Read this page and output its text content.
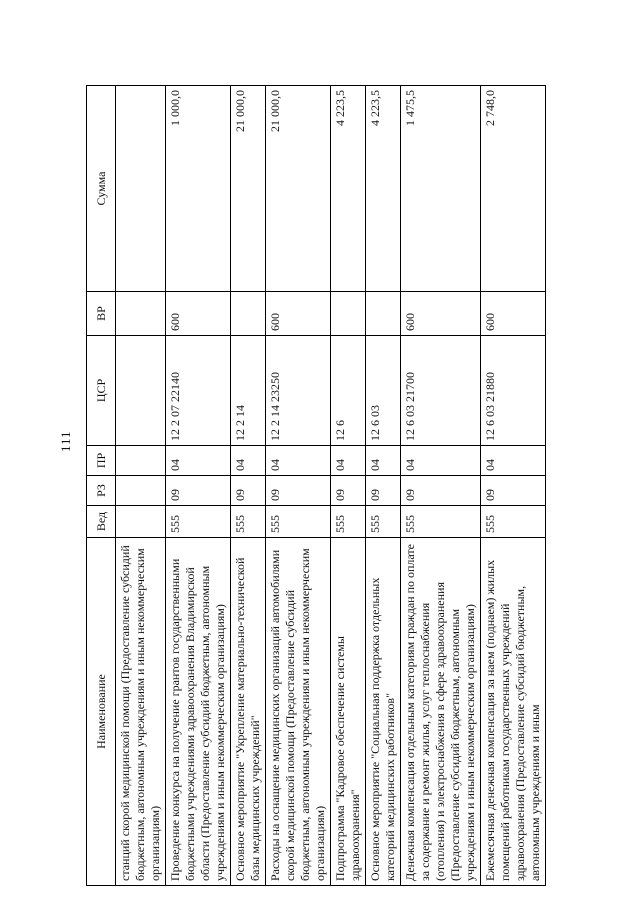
111
Наименование	Вед	РЗ	ПР	ЦСР	ВР	Сумма
станций скорой медицинской помощи (Предоставление субсидий бюджетным, автономным учреждениям и иным некоммерческим организациям)						
Проведение конкурса на получение грантов государственными бюджетными учреждениями здравоохранения Владимирской области (Предоставление субсидий бюджетным, автономным учреждениям и иным некоммерческим организациям)	555	09	04	12 2 07 22140	600	1 000,0
Основное мероприятие "Укрепление материально-технической базы медицинских учреждений"	555	09	04	12 2 14		21 000,0
Расходы на оснащение медицинских организаций автомобилями скорой медицинской помощи (Предоставление субсидий бюджетным, автономным учреждениям и иным некоммерческим организациям)	555	09	04	12 2 14 23250	600	21 000,0
Подпрограмма "Кадровое обеспечение системы здравоохранения"	555	09	04	12 6		4 223,5
Основное мероприятие "Социальная поддержка отдельных категорий медицинских работников"	555	09	04	12 6 03		4 223,5
Денежная компенсация отдельным категориям граждан по оплате за содержание и ремонт жилья, услуг теплоснабжения (отопления) и электроснабжения в сфере здравоохранения (Предоставление субсидий бюджетным, автономным учреждениям и иным некоммерческим организациям)	555	09	04	12 6 03 21700	600	1 475,5
Ежемесячная денежная компенсация за наем (поднаем) жилых помещений работникам государственных учреждений здравоохранения (Предоставление субсидий бюджетным, автономным учреждениям и иным	555	09	04	12 6 03 21880	600	2 748,0
